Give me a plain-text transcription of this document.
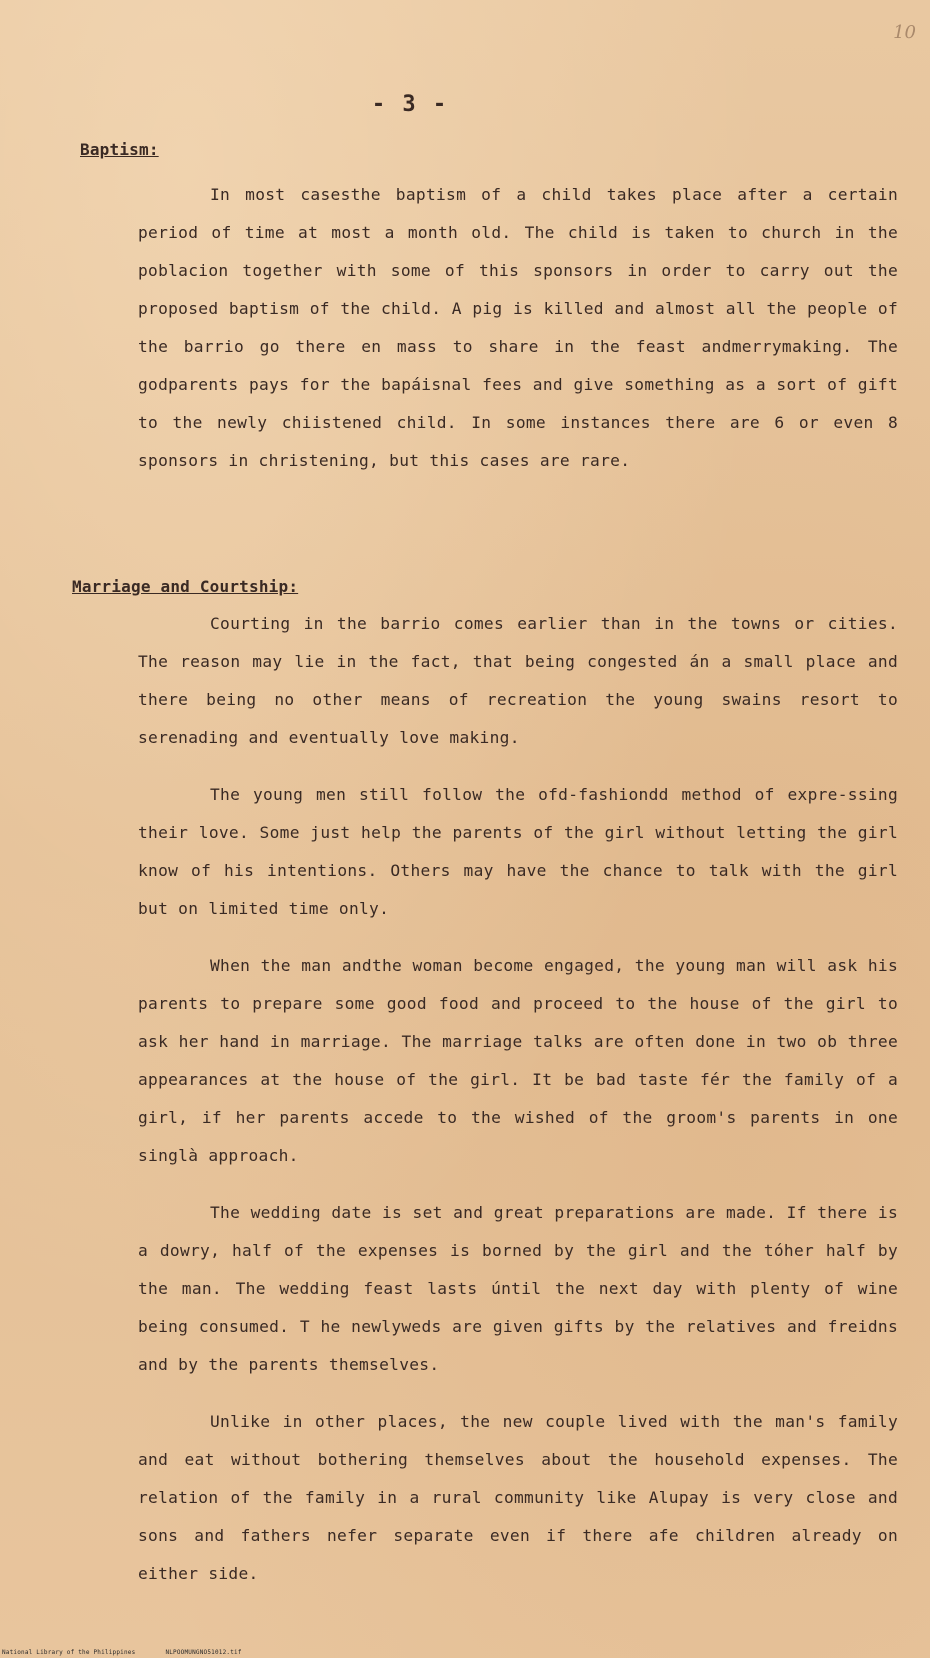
10
- 3 -
Baptism:

In most casesthe baptism of a child takes place after a certain period of time at most a month old. The child is taken to church in the poblacion together with some of this sponsors in order to carry out the proposed baptism of the child. A pig is killed and almost all the people of the barrio go there en mass to share in the feast andmerrymaking. The godparents pays for the bapáisnal fees and give something as a sort of gift to the newly chiistened child. In some instances there are 6 or even 8 sponsors in christening, but this cases are rare.

Marriage and Courtship:

Courting in the barrio comes earlier than in the towns or cities. The reason may lie in the fact, that being congested án a small place and there being no other means of recreation the young swains resort to serenading and eventually love making.

The young men still follow the ofd-fashiondd method of expre-ssing their love. Some just help the parents of the girl without letting the girl know of his intentions. Others may have the chance to talk with the girl but on limited time only.

When the man andthe woman become engaged, the young man will ask his parents to prepare some good food and proceed to the house of the girl to ask her hand in marriage. The marriage talks are often done in two ob three appearances at the house of the girl. It be bad taste fér the family of a girl, if her parents accede to the wished of the groom's parents in one singlà approach.

The wedding date is set and great preparations are made. If there is a dowry, half of the expenses is borned by the girl and the tóher half by the man. The wedding feast lasts úntil the next day with plenty of wine being consumed. T he newlyweds are given gifts by the relatives and freidns and by the parents themselves.

Unlike in other places, the new couple lived with the man's family and eat without bothering themselves about the household expenses. The relation of the family in a rural community like Alupay is very close and sons and fathers nefer separate even if there afe children already on either side.

National Library of the Philippines	NLPOOMUNGNO51012.tif
